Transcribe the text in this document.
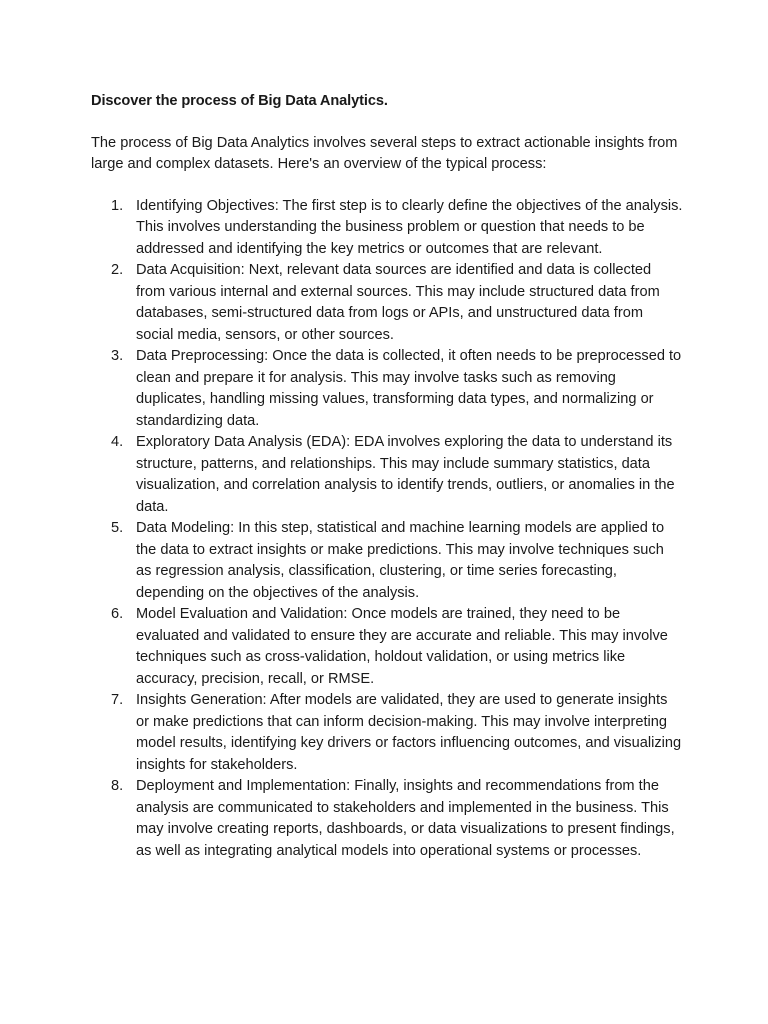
Discover the process of Big Data Analytics.

The process of Big Data Analytics involves several steps to extract actionable insights from large and complex datasets. Here's an overview of the typical process:

1. Identifying Objectives: The first step is to clearly define the objectives of the analysis. This involves understanding the business problem or question that needs to be addressed and identifying the key metrics or outcomes that are relevant.
2. Data Acquisition: Next, relevant data sources are identified and data is collected from various internal and external sources. This may include structured data from databases, semi-structured data from logs or APIs, and unstructured data from social media, sensors, or other sources.
3. Data Preprocessing: Once the data is collected, it often needs to be preprocessed to clean and prepare it for analysis. This may involve tasks such as removing duplicates, handling missing values, transforming data types, and normalizing or standardizing data.
4. Exploratory Data Analysis (EDA): EDA involves exploring the data to understand its structure, patterns, and relationships. This may include summary statistics, data visualization, and correlation analysis to identify trends, outliers, or anomalies in the data.
5. Data Modeling: In this step, statistical and machine learning models are applied to the data to extract insights or make predictions. This may involve techniques such as regression analysis, classification, clustering, or time series forecasting, depending on the objectives of the analysis.
6. Model Evaluation and Validation: Once models are trained, they need to be evaluated and validated to ensure they are accurate and reliable. This may involve techniques such as cross-validation, holdout validation, or using metrics like accuracy, precision, recall, or RMSE.
7. Insights Generation: After models are validated, they are used to generate insights or make predictions that can inform decision-making. This may involve interpreting model results, identifying key drivers or factors influencing outcomes, and visualizing insights for stakeholders.
8. Deployment and Implementation: Finally, insights and recommendations from the analysis are communicated to stakeholders and implemented in the business. This may involve creating reports, dashboards, or data visualizations to present findings, as well as integrating analytical models into operational systems or processes.
